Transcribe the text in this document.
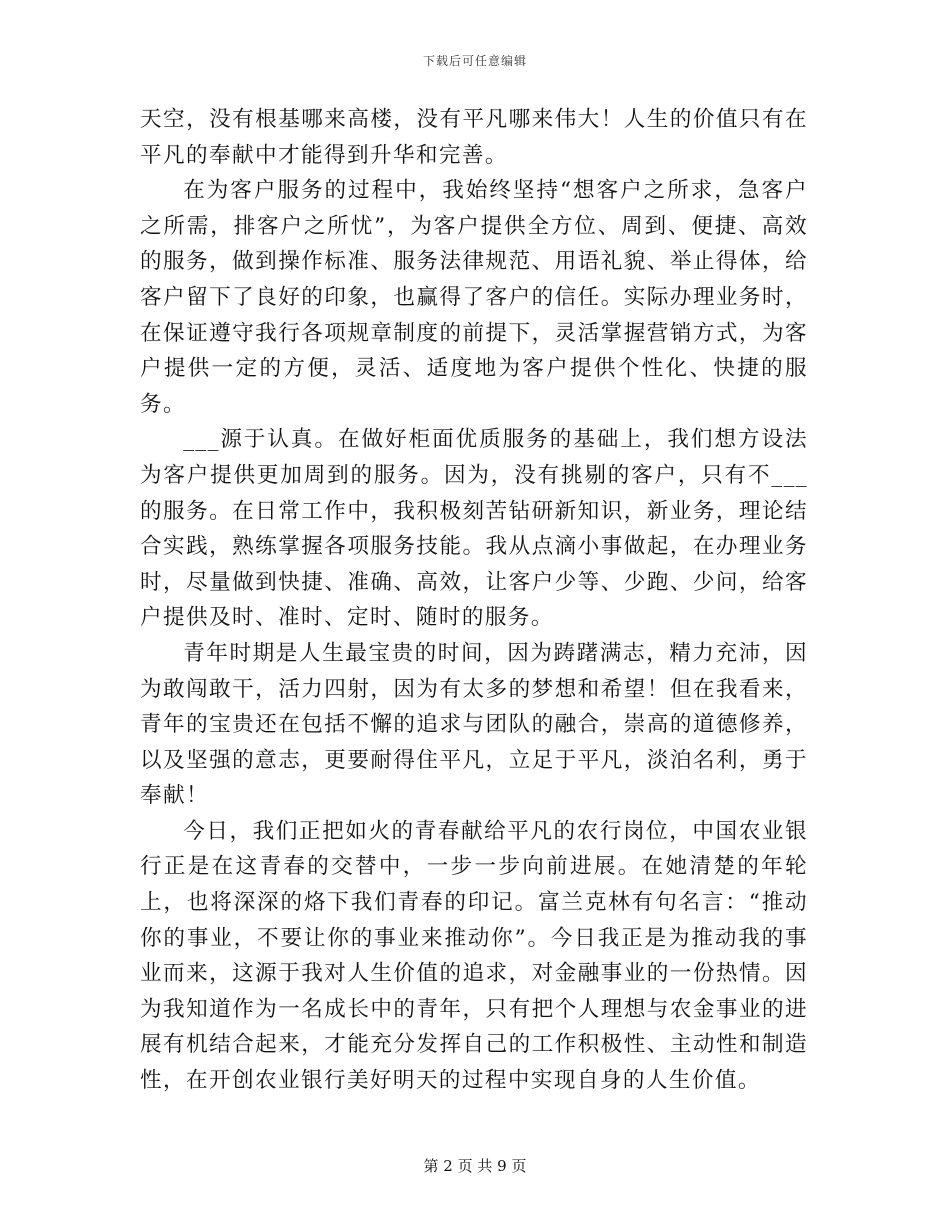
下载后可任意编辑

天空，没有根基哪来高楼，没有平凡哪来伟大！人生的价值只有在平凡的奉献中才能得到升华和完善。

在为客户服务的过程中，我始终坚持“想客户之所求，急客户之所需，排客户之所忧”，为客户提供全方位、周到、便捷、高效的服务，做到操作标准、服务法律规范、用语礼貌、举止得体，给客户留下了良好的印象，也赢得了客户的信任。实际办理业务时，在保证遵守我行各项规章制度的前提下，灵活掌握营销方式，为客户提供一定的方便，灵活、适度地为客户提供个性化、快捷的服务。

___源于认真。在做好柜面优质服务的基础上，我们想方设法为客户提供更加周到的服务。因为，没有挑剔的客户，只有不___的服务。在日常工作中，我积极刻苦钻研新知识，新业务，理论结合实践，熟练掌握各项服务技能。我从点滴小事做起，在办理业务时，尽量做到快捷、准确、高效，让客户少等、少跑、少问，给客户提供及时、准时、定时、随时的服务。

青年时期是人生最宝贵的时间，因为踌躇满志，精力充沛，因为敢闯敢干，活力四射，因为有太多的梦想和希望！但在我看来，青年的宝贵还在包括不懈的追求与团队的融合，崇高的道德修养，以及坚强的意志，更要耐得住平凡，立足于平凡，淡泊名利，勇于奉献！

今日，我们正把如火的青春献给平凡的农行岗位，中国农业银行正是在这青春的交替中，一步一步向前进展。在她清楚的年轮上，也将深深的烙下我们青春的印记。富兰克林有句名言：“推动你的事业，不要让你的事业来推动你”。今日我正是为推动我的事业而来，这源于我对人生价值的追求，对金融事业的一份热情。因为我知道作为一名成长中的青年，只有把个人理想与农金事业的进展有机结合起来，才能充分发挥自己的工作积极性、主动性和制造性，在开创农业银行美好明天的过程中实现自身的人生价值。

第 2 页 共 9 页
